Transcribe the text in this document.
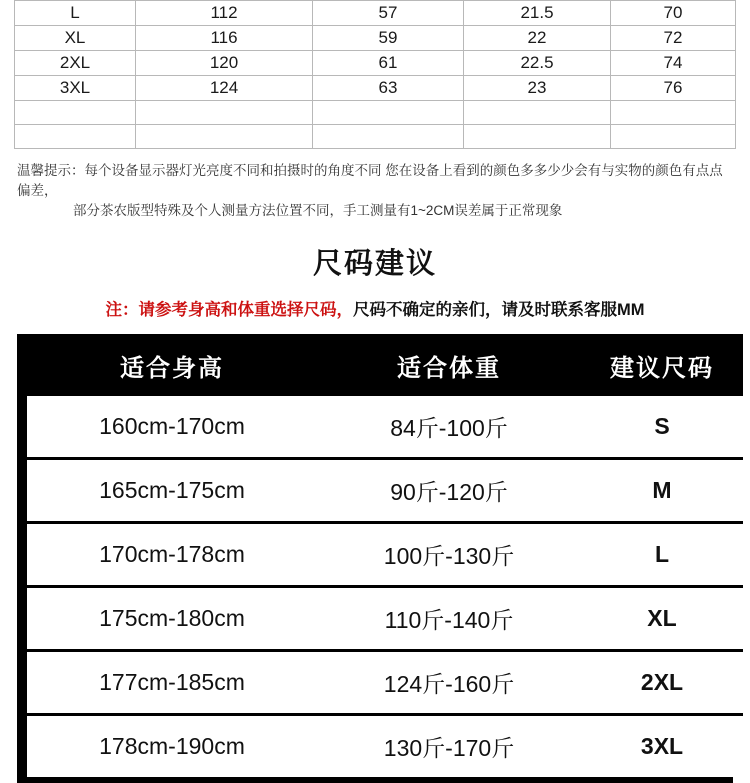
L	112	57	21.5	70
XL	116	59	22	72
2XL	120	61	22.5	74
3XL	124	63	23	76

温馨提示：每个设备显示器灯光亮度不同和拍摄时的角度不同 您在设备上看到的颜色多多少少会有与实物的颜色有点点偏差，
部分茶农版型特殊及个人测量方法位置不同，手工测量有1~2CM误差属于正常现象
尺码建议
注：请参考身高和体重选择尺码，尺码不确定的亲们，请及时联系客服MM
适合身高	适合体重	建议尺码
160cm-170cm	84斤-100斤	S
165cm-175cm	90斤-120斤	M
170cm-178cm	100斤-130斤	L
175cm-180cm	110斤-140斤	XL
177cm-185cm	124斤-160斤	2XL
178cm-190cm	130斤-170斤	3XL
